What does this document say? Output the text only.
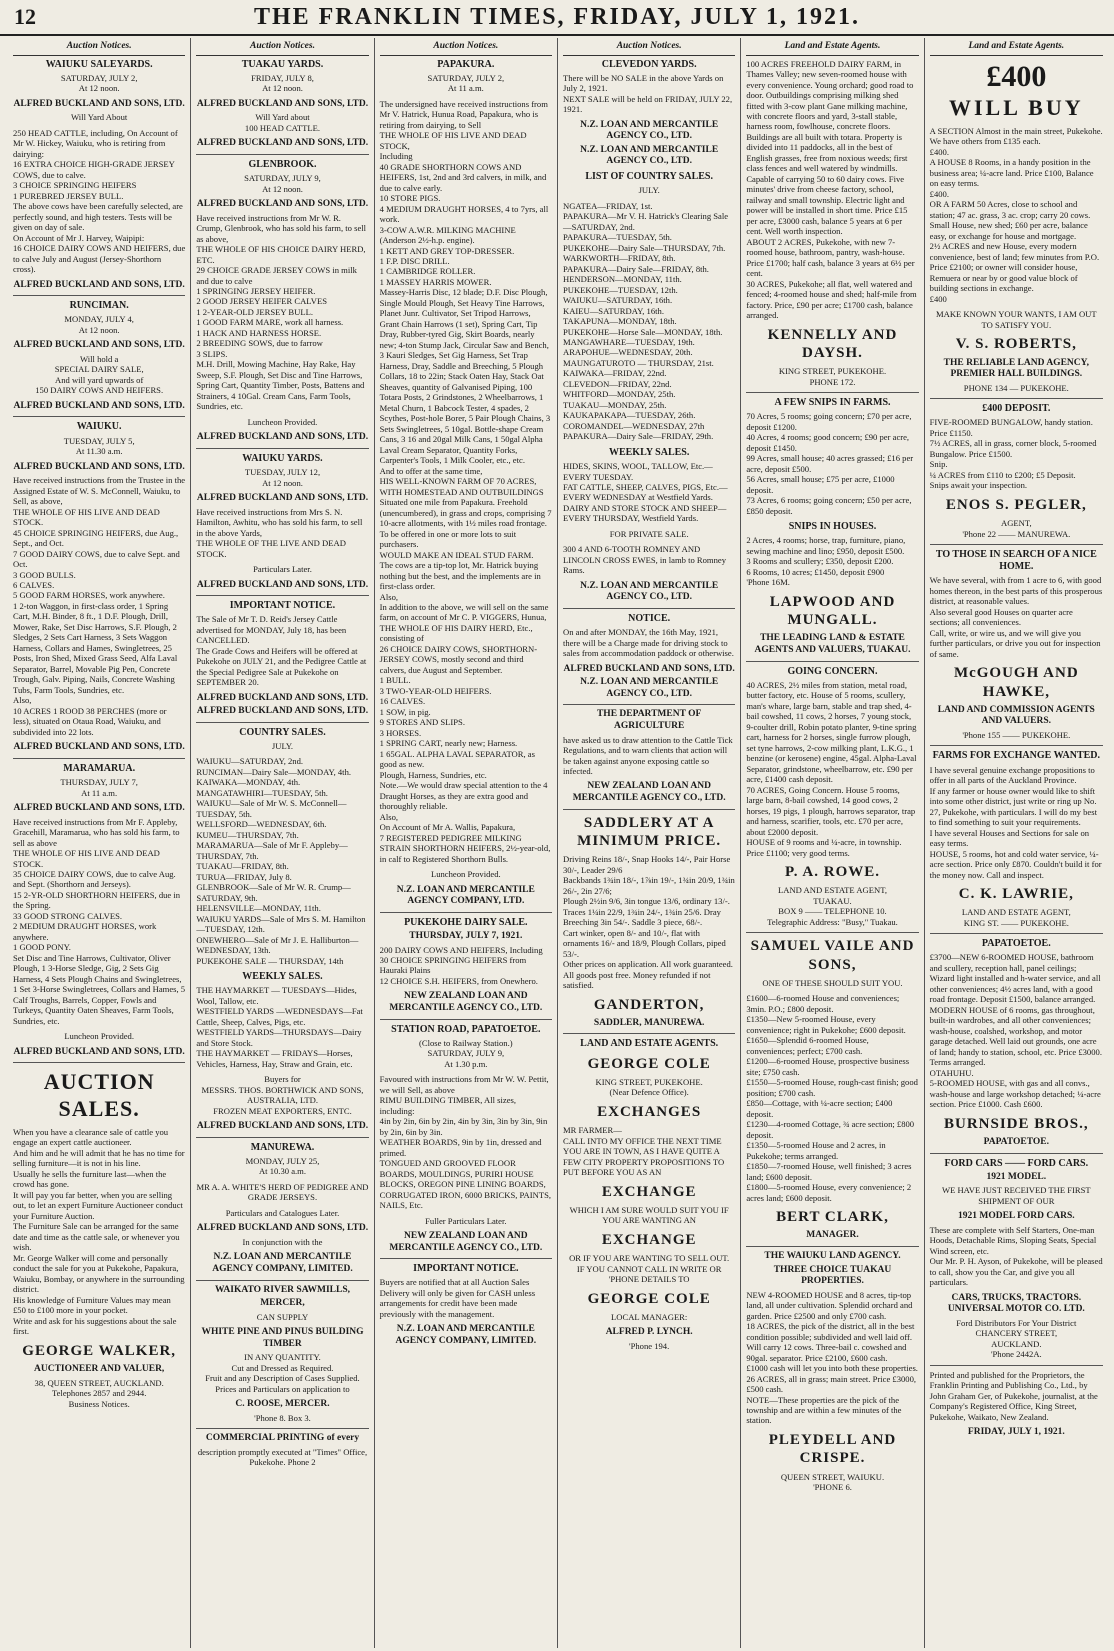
12	THE FRANKLIN TIMES, FRIDAY, JULY 1, 1921.
Auction Notices.
WAIUKU SALEYARDS.
SATURDAY, JULY 2,
At 12 noon.
ALFRED BUCKLAND AND SONS, LTD.
Will Yard About
250 HEAD CATTLE, including, On Account of Mr W. Hickey, Waiuku, who is retiring from dairying:
16 EXTRA CHOICE HIGH-GRADE JERSEY COWS, due to calve.
3 CHOICE SPRINGING HEIFERS
1 PUREBRED JERSEY BULL.
The above cows have been carefully selected, are perfectly sound, and high testers. Tests will be given on day of sale.
On Account of Mr J. Harvey, Waipipi:
16 CHOICE DAIRY COWS AND HEIFERS, due to calve July and August (Jersey-Shorthorn cross).
ALFRED BUCKLAND AND SONS, LTD.
RUNCIMAN.
MONDAY, JULY 4,
At 12 noon.
ALFRED BUCKLAND AND SONS, LTD.
Will hold a
SPECIAL DAIRY SALE,
And will yard upwards of
150 DAIRY COWS AND HEIFERS.
ALFRED BUCKLAND AND SONS, LTD.
WAIUKU.
TUESDAY, JULY 5,
At 11.30 a.m.
ALFRED BUCKLAND AND SONS, LTD.
Have received instructions from the Trustee in the Assigned Estate of W. S. McConnell, Waiuku, to Sell, as above,
THE WHOLE OF HIS LIVE AND DEAD STOCK.
45 CHOICE SPRINGING HEIFERS, due Aug., Sept., and Oct.
7 GOOD DAIRY COWS, due to calve Sept. and Oct.
3 GOOD BULLS.
6 CALVES.
5 GOOD FARM HORSES, work anywhere.
1 2-ton Waggon, in first-class order, 1 Spring Cart, M.H. Binder, 8 ft., 1 D.F. Plough, Drill, Mower, Rake, Set Disc Harrows, S.F. Plough, 2 Sledges, 2 Sets Cart Harness, 3 Sets Waggon Harness, Collars and Hames, Swingletrees, 25 Posts, Iron Shed, Mixed Grass Seed, Alfa Laval Separator, Barrel, Movable Pig Pen, Concrete Trough, Galv. Piping, Nails, Concrete Washing Tubs, Farm Tools, Sundries, etc.
Also,
10 ACRES 1 ROOD 38 PERCHES (more or less), situated on Otaua Road, Waiuku, and subdivided into 22 lots.
ALFRED BUCKLAND AND SONS, LTD.
MARAMARUA.
THURSDAY, JULY 7,
At 11 a.m.
ALFRED BUCKLAND AND SONS, LTD.
Have received instructions from Mr F. Appleby, Gracehill, Maramarua, who has sold his farm, to sell as above
THE WHOLE OF HIS LIVE AND DEAD STOCK.
35 CHOICE DAIRY COWS, due to calve Aug. and Sept. (Shorthorn and Jerseys).
15 2-YR-OLD SHORTHORN HEIFERS, due in the Spring.
33 GOOD STRONG CALVES.
2 MEDIUM DRAUGHT HORSES, work anywhere.
1 GOOD PONY.
Set Disc and Tine Harrows, Cultivator, Oliver Plough, 1 3-Horse Sledge, Gig, 2 Sets Gig Harness, 4 Sets Plough Chains and Swingletrees, 1 Set 3-Horse Swingletrees, Collars and Hames, 5 Calf Troughs, Barrels, Copper, Fowls and Turkeys, Quantity Oaten Sheaves, Farm Tools, Sundries, etc.
Luncheon Provided.
ALFRED BUCKLAND AND SONS, LTD.
AUCTION SALES.
When you have a clearance sale of cattle you engage an expert cattle auctioneer.
And him and he will admit that he has no time for selling furniture—it is not in his line.
Usually he sells the furniture last—when the crowd has gone.
It will pay you far better, when you are selling out, to let an expert Furniture Auctioneer conduct your Furniture Auction.
The Furniture Sale can be arranged for the same date and time as the cattle sale, or whenever you wish.
Mr. George Walker will come and personally conduct the sale for you at Pukekohe, Papakura, Waiuku, Bombay, or anywhere in the surrounding district.
His knowledge of Furniture Values may mean £50 to £100 more in your pocket.
Write and ask for his suggestions about the sale first.
GEORGE WALKER,
AUCTIONEER AND VALUER,
38, QUEEN STREET, AUCKLAND.
Telephones 2857 and 2944.
Business Notices.
Auction Notices.
TUAKAU YARDS.
FRIDAY, JULY 8,
At 12 noon.
ALFRED BUCKLAND AND SONS, LTD.
Will Yard about
100 HEAD CATTLE.
ALFRED BUCKLAND AND SONS, LTD.
GLENBROOK.
SATURDAY, JULY 9,
At 12 noon.
ALFRED BUCKLAND AND SONS, LTD.
Have received instructions from Mr W. R. Crump, Glenbrook, who has sold his farm, to sell as above,
THE WHOLE OF HIS CHOICE DAIRY HERD, ETC.
29 CHOICE GRADE JERSEY COWS in milk and due to calve
1 SPRINGING JERSEY HEIFER.
2 GOOD JERSEY HEIFER CALVES
1 2-YEAR-OLD JERSEY BULL.
1 GOOD FARM MARE, work all harness.
1 HACK AND HARNESS HORSE.
2 BREEDING SOWS, due to farrow
3 SLIPS.
M.H. Drill, Mowing Machine, Hay Rake, Hay Sweep, S.F. Plough, Set Disc and Tine Harrows, Spring Cart, Quantity Timber, Posts, Battens and Strainers, 4 10Gal. Cream Cans, Farm Tools, Sundries, etc.
Luncheon Provided.
ALFRED BUCKLAND AND SONS, LTD.
WAIUKU YARDS.
TUESDAY, JULY 12,
At 12 noon.
ALFRED BUCKLAND AND SONS, LTD.
Have received instructions from Mrs S. N. Hamilton, Awhitu, who has sold his farm, to sell in the above Yards,
THE WHOLE OF THE LIVE AND DEAD STOCK.
Particulars Later.
ALFRED BUCKLAND AND SONS, LTD.
IMPORTANT NOTICE.
The Sale of Mr T. D. Reid's Jersey Cattle advertised for MONDAY, July 18, has been CANCELLED.
The Grade Cows and Heifers will be offered at Pukekohe on JULY 21, and the Pedigree Cattle at the Special Pedigree Sale at Pukekohe on SEPTEMBER 20.
ALFRED BUCKLAND AND SONS, LTD.
ALFRED BUCKLAND AND SONS, LTD.
COUNTRY SALES.
JULY.
WAIUKU—SATURDAY, 2nd.
RUNCIMAN—Dairy Sale—MONDAY, 4th.
KAIWAKA—MONDAY, 4th.
MANGATAWHIRI—TUESDAY, 5th.
WAIUKU—Sale of Mr W. S. McConnell—TUESDAY, 5th.
WELLSFORD—WEDNESDAY, 6th.
KUMEU—THURSDAY, 7th.
MARAMARUA—Sale of Mr F. Appleby—THURSDAY, 7th.
TUAKAU—FRIDAY, 8th.
TURUA—FRIDAY, July 8.
GLENBROOK—Sale of Mr W. R. Crump—SATURDAY, 9th.
HELENSVILLE—MONDAY, 11th.
WAIUKU YARDS—Sale of Mrs S. M. Hamilton—TUESDAY, 12th.
ONEWHERO—Sale of Mr J. E. Halliburton—WEDNESDAY, 13th.
PUKEKOHE SALE — THURSDAY, 14th
WEEKLY SALES.
THE HAYMARKET — TUESDAYS—Hides, Wool, Tallow, etc.
WESTFIELD YARDS —WEDNESDAYS—Fat Cattle, Sheep, Calves, Pigs, etc.
WESTFIELD YARDS—THURSDAYS—Dairy and Store Stock.
THE HAYMARKET — FRIDAYS—Horses, Vehicles, Harness, Hay, Straw and Grain, etc.
Buyers for
MESSRS. THOS. BORTHWICK AND SONS, AUSTRALIA, LTD.
FROZEN MEAT EXPORTERS, ENTC.
ALFRED BUCKLAND AND SONS, LTD.
MANUREWA.
MONDAY, JULY 25,
At 10.30 a.m.
MR A. A. WHITE'S HERD OF PEDIGREE AND GRADE JERSEYS.
Particulars and Catalogues Later.
ALFRED BUCKLAND AND SONS, LTD.
In conjunction with the
N.Z. LOAN AND MERCANTILE AGENCY COMPANY, LIMITED.
WAIKATO RIVER SAWMILLS,
MERCER,
CAN SUPPLY
WHITE PINE AND PINUS BUILDING TIMBER
IN ANY QUANTITY.
Cut and Dressed as Required.
Fruit and any Description of Cases Supplied.
Prices and Particulars on application to
C. ROOSE, MERCER.
'Phone 8. Box 3.
COMMERCIAL PRINTING of every
description promptly executed at "Times" Office, Pukekohe. Phone 2
Auction Notices.
PAPAKURA.
SATURDAY, JULY 2,
At 11 a.m.
The undersigned have received instructions from Mr V. Hatrick, Hunua Road, Papakura, who is retiring from dairying, to Sell
THE WHOLE OF HIS LIVE AND DEAD STOCK,
Including
40 GRADE SHORTHORN COWS AND HEIFERS, 1st, 2nd and 3rd calvers, in milk, and due to calve early.
10 STORE PIGS.
4 MEDIUM DRAUGHT HORSES, 4 to 7yrs, all work.
3-COW A.W.R. MILKING MACHINE (Anderson 2½-h.p. engine).
1 KETT AND GREY TOP-DRESSER.
1 F.P. DISC DRILL.
1 CAMBRIDGE ROLLER.
1 MASSEY HARRIS MOWER.
Massey-Harris Disc, 12 blade; D.F. Disc Plough, Single Mould Plough, Set Heavy Tine Harrows, Planet Junr. Cultivator, Set Tripod Harrows, Grant Chain Harrows (1 set), Spring Cart, Tip Dray, Rubber-tyred Gig, Skirt Boards, nearly new; 4-ton Stump Jack, Circular Saw and Bench, 3 Kauri Sledges, Set Gig Harness, Set Trap Harness, Dray, Saddle and Breeching, 5 Plough Collars, 18 to 22in; Stack Oaten Hay, Stack Oat Sheaves, quantity of Galvanised Piping, 100 Totara Posts, 2 Grindstones, 2 Wheelbarrows, 1 Metal Churn, 1 Babcock Tester, 4 spades, 2 Scythes, Post-hole Borer, 5 Pair Plough Chains, 3 Sets Swingletrees, 5 10gal. Bottle-shape Cream Cans, 3 16 and 20gal Milk Cans, 1 50gal Alpha Laval Cream Separator, Quantity Forks, Carpenter's Tools, 1 Milk Cooler, etc., etc.
And to offer at the same time,
HIS WELL-KNOWN FARM OF 70 ACRES, WITH HOMESTEAD AND OUTBUILDINGS
Situated one mile from Papakura. Freehold (unencumbered), in grass and crops, comprising 7 10-acre allotments, with 1½ miles road frontage. To be offered in one or more lots to suit purchasers.
WOULD MAKE AN IDEAL STUD FARM.
The cows are a tip-top lot, Mr. Hatrick buying nothing but the best, and the implements are in first-class order.
Also,
In addition to the above, we will sell on the same farm, on account of Mr C. P. VIGGERS, Hunua,
THE WHOLE OF HIS DAIRY HERD, Etc., consisting of
26 CHOICE DAIRY COWS, SHORTHORN-JERSEY COWS, mostly second and third calvers, due August and September.
1 BULL.
3 TWO-YEAR-OLD HEIFERS.
16 CALVES.
1 SOW, in pig.
9 STORES AND SLIPS.
3 HORSES.
1 SPRING CART, nearly new; Harness.
1 65GAL. ALPHA LAVAL SEPARATOR, as good as new.
Plough, Harness, Sundries, etc.
Note.—We would draw special attention to the 4 Draught Horses, as they are extra good and thoroughly reliable.
Also,
On Account of Mr A. Wallis, Papakura,
7 REGISTERED PEDIGREE MILKING STRAIN SHORTHORN HEIFERS, 2½-year-old, in calf to Registered Shorthorn Bulls.
Luncheon Provided.
N.Z. LOAN AND MERCANTILE AGENCY COMPANY, LTD.
PUKEKOHE DAIRY SALE.
THURSDAY, JULY 7, 1921.
200 DAIRY COWS AND HEIFERS, Including
30 CHOICE SPRINGING HEIFERS from Hauraki Plains
12 CHOICE S.H. HEIFERS, from Onewhero.
NEW ZEALAND LOAN AND MERCANTILE AGENCY CO., LTD.
STATION ROAD, PAPATOETOE.
(Close to Railway Station.)
SATURDAY, JULY 9,
At 1.30 p.m.
Favoured with instructions from Mr W. W. Pettit, we will Sell, as above
RIMU BUILDING TIMBER, All sizes, including:
4in by 2in, 6in by 2in, 4in by 3in, 3in by 3in, 9in by 2in, 6in by 3in.
WEATHER BOARDS, 9in by 1in, dressed and primed.
TONGUED AND GROOVED FLOOR BOARDS, MOULDINGS, PURIRI HOUSE BLOCKS, OREGON PINE LINING BOARDS,
CORRUGATED IRON, 6000 BRICKS, PAINTS, NAILS, Etc.
Fuller Particulars Later.
NEW ZEALAND LOAN AND MERCANTILE AGENCY CO., LTD.
IMPORTANT NOTICE.
Buyers are notified that at all Auction Sales Delivery will only be given for CASH unless arrangements for credit have been made previously with the management.
N.Z. LOAN AND MERCANTILE AGENCY COMPANY, LIMITED.
Auction Notices.
CLEVEDON YARDS.
There will be NO SALE in the above Yards on July 2, 1921.
NEXT SALE will be held on FRIDAY, JULY 22, 1921.
N.Z. LOAN AND MERCANTILE AGENCY CO., LTD.
N.Z. LOAN AND MERCANTILE AGENCY CO., LTD.
LIST OF COUNTRY SALES.
JULY.
NGATEA—FRIDAY, 1st.
PAPAKURA—Mr V. H. Hatrick's Clearing Sale—SATURDAY, 2nd.
PAPAKURA—TUESDAY, 5th.
PUKEKOHE—Dairy Sale—THURSDAY, 7th.
WARKWORTH—FRIDAY, 8th.
PAPAKURA—Dairy Sale—FRIDAY, 8th.
HENDERSON—MONDAY, 11th.
PUKEKOHE—TUESDAY, 12th.
WAIUKU—SATURDAY, 16th.
KAIEU—SATURDAY, 16th.
TAKAPUNA—MONDAY, 18th.
PUKEKOHE—Horse Sale—MONDAY, 18th.
MANGAWHARE—TUESDAY, 19th.
ARAPOHUE—WEDNESDAY, 20th.
MAUNGATUROTO — THURSDAY, 21st.
KAIWAKA—FRIDAY, 22nd.
CLEVEDON—FRIDAY, 22nd.
WHITFORD—MONDAY, 25th.
TUAKAU—MONDAY, 25th.
KAUKAPAKAPA—TUESDAY, 26th.
COROMANDEL—WEDNESDAY, 27th
PAPAKURA—Dairy Sale—FRIDAY, 29th.
WEEKLY SALES.
HIDES, SKINS, WOOL, TALLOW, Etc.—EVERY TUESDAY.
FAT CATTLE, SHEEP, CALVES, PIGS, Etc.—EVERY WEDNESDAY at Westfield Yards.
DAIRY AND STORE STOCK AND SHEEP—EVERY THURSDAY, Westfield Yards.
FOR PRIVATE SALE.
300 4 AND 6-TOOTH ROMNEY AND LINCOLN CROSS EWES, in lamb to Romney Rams.
N.Z. LOAN AND MERCANTILE AGENCY CO., LTD.
NOTICE.
On and after MONDAY, the 16th May, 1921, there will be a Charge made for driving stock to sales from accommodation paddock or otherwise.
ALFRED BUCKLAND AND SONS, LTD.
N.Z. LOAN AND MERCANTILE AGENCY CO., LTD.
THE DEPARTMENT OF AGRICULTURE
have asked us to draw attention to the Cattle Tick Regulations, and to warn clients that action will be taken against anyone exposing cattle so infected.
NEW ZEALAND LOAN AND MERCANTILE AGENCY CO., LTD.
SADDLERY AT A MINIMUM PRICE.
Driving Reins 18/-, Snap Hooks 14/-, Pair Horse 30/-, Leader 29/6
Backbands 1¾in 18/-, 1⅞in 19/-, 1¾in 20/9, 1¾in 26/-, 2in 27/6;
Plough 2½in 9/6, 3in tongue 13/6, ordinary 13/-. Traces 1¼in 22/9, 1¾in 24/-, 1¾in 25/6. Dray Breeching 3in 54/-. Saddle 3 piece, 68/-.
Cart winker, open 8/- and 10/-, flat with ornaments 16/- and 18/9, Plough Collars, piped 53/-.
Other prices on application. All work guaranteed. All goods post free. Money refunded if not satisfied.
GANDERTON,
SADDLER, MANUREWA.
LAND AND ESTATE AGENTS.
GEORGE COLE
KING STREET, PUKEKOHE.
(Near Defence Office).
EXCHANGES
MR FARMER—
CALL INTO MY OFFICE THE NEXT TIME YOU ARE IN TOWN, AS I HAVE QUITE A FEW CITY PROPERTY PROPOSITIONS TO PUT BEFORE YOU AS AN
EXCHANGE
WHICH I AM SURE WOULD SUIT YOU IF YOU ARE WANTING AN
EXCHANGE
OR IF YOU ARE WANTING TO SELL OUT.
IF YOU CANNOT CALL IN WRITE OR 'PHONE DETAILS TO
GEORGE COLE
LOCAL MANAGER:
ALFRED P. LYNCH.
'Phone 194.
Land and Estate Agents.
100 ACRES FREEHOLD DAIRY FARM, in Thames Valley; new seven-roomed house with every convenience. Young orchard; good road to door. Outbuildings comprising milking shed fitted with 3-cow plant Gane milking machine, with concrete floors and yard, 3-stall stable, harness room, fowlhouse, concrete floors. Buildings are all built with totara. Property is divided into 11 paddocks, all in the best of English grasses, free from noxious weeds; first class fences and well watered by windmills. Capable of carrying 50 to 60 dairy cows. Five minutes' drive from cheese factory, school, railway and small township. Electric light and power will be installed in short time. Price £15 per acre, £3000 cash, balance 5 years at 6 per cent. Well worth inspection.
ABOUT 2 ACRES, Pukekohe, with new 7-roomed house, bathroom, pantry, wash-house. Price £1700; half cash, balance 3 years at 6½ per cent.
30 ACRES, Pukekohe; all flat, well watered and fenced; 4-roomed house and shed; half-mile from factory. Price, £90 per acre; £1700 cash, balance arranged.
KENNELLY AND DAYSH.
KING STREET, PUKEKOHE.
PHONE 172.
A FEW SNIPS IN FARMS.
70 Acres, 5 rooms; going concern; £70 per acre, deposit £1200.
40 Acres, 4 rooms; good concern; £90 per acre, deposit £1450.
99 Acres, small house; 40 acres grassed; £16 per acre, deposit £500.
56 Acres, small house; £75 per acre, £1000 deposit.
73 Acres, 6 rooms; going concern; £50 per acre, £850 deposit.
SNIPS IN HOUSES.
2 Acres, 4 rooms; horse, trap, furniture, piano, sewing machine and lino; £950, deposit £500.
3 Rooms and scullery; £350, deposit £200.
6 Rooms, 10 acres; £1450, deposit £900
'Phone 16M.
LAPWOOD AND MUNGALL.
THE LEADING LAND & ESTATE AGENTS AND VALUERS, TUAKAU.
GOING CONCERN.
40 ACRES, 2½ miles from station, metal road, butter factory, etc. House of 5 rooms, scullery, man's whare, large barn, stable and trap shed, 4-bail cowshed, 11 cows, 2 horses, 7 young stock, 9-coulter drill, Robin potato planter, 9-tine spring cart, harness for 2 horses, single furrow plough, set tyne harrows, 2-cow milking plant, L.K.G., 1 benzine (or kerosene) engine, 45gal. Alpha-Laval Separator, grindstone, wheelbarrow, etc. £90 per acre, £1400 cash deposit.
70 ACRES, Going Concern. House 5 rooms, large barn, 8-bail cowshed, 14 good cows, 2 horses, 19 pigs, 1 plough, harrows separator, trap and harness, scarifier, tools, etc. £70 per acre, about £2000 deposit.
HOUSE of 9 rooms and ¼-acre, in township. Price £1100; very good terms.
P. A. ROWE.
LAND AND ESTATE AGENT,
TUAKAU.
BOX 9 —— TELEPHONE 10.
Telegraphic Address: "Busy," Tuakau.
SAMUEL VAILE AND SONS,
ONE OF THESE SHOULD SUIT YOU.
£1600—6-roomed House and conveniences; 3min. P.O.; £800 deposit.
£1350—New 5-roomed House, every convenience; right in Pukekohe; £600 deposit.
£1650—Splendid 6-roomed House, conveniences; perfect; £700 cash.
£1200—6-roomed House, prospective business site; £750 cash.
£1550—5-roomed House, rough-cast finish; good position; £700 cash.
£850—Cottage, with ¼-acre section; £400 deposit.
£1230—4-roomed Cottage, ¾ acre section; £800 deposit.
£1350—5-roomed House and 2 acres, in Pukekohe; terms arranged.
£1850—7-roomed House, well finished; 3 acres land; £600 deposit.
£1800—5-roomed House, every convenience; 2 acres land; £600 deposit.
BERT CLARK,
MANAGER.
THE WAIUKU LAND AGENCY.
THREE CHOICE TUAKAU PROPERTIES.
NEW 4-ROOMED HOUSE and 8 acres, tip-top land, all under cultivation. Splendid orchard and garden. Price £2500 and only £700 cash.
18 ACRES, the pick of the district, all in the best condition possible; subdivided and well laid off. Will carry 12 cows. Three-bail c. cowshed and 90gal. separator. Price £2100, £600 cash.
£1000 cash will let you into both these properties.
26 ACRES, all in grass; main street. Price £3000, £500 cash.
NOTE—These properties are the pick of the township and are within a few minutes of the station.
PLEYDELL AND CRISPE.
QUEEN STREET, WAIUKU.
'PHONE 6.
Land and Estate Agents.
£400
WILL BUY
A SECTION Almost in the main street, Pukekohe. We have others from £135 each.
£400.
A HOUSE 8 Rooms, in a handy position in the business area; ¼-acre land. Price £100, Balance on easy terms.
£400.
OR A FARM 50 Acres, close to school and station; 47 ac. grass, 3 ac. crop; carry 20 cows. Small House, new shed; £60 per acre, balance easy, or exchange for house and mortgage.
2½ ACRES and new House, every modern convenience, best of land; few minutes from P.O. Price £2100; or owner will consider house, Remuera or near by or good value block of building sections in exchange.
£400
MAKE KNOWN YOUR WANTS, I AM OUT TO SATISFY YOU.
V. S. ROBERTS,
THE RELIABLE LAND AGENCY, PREMIER HALL BUILDINGS.
PHONE 134 — PUKEKOHE.
£400 DEPOSIT.
FIVE-ROOMED BUNGALOW, handy station. Price £1150.
7½ ACRES, all in grass, corner block, 5-roomed Bungalow. Price £1500.
Snip.
¼ ACRES from £110 to £200; £5 Deposit.
Snips await your inspection.
ENOS S. PEGLER,
AGENT,
'Phone 22 —— MANUREWA.
TO THOSE IN SEARCH OF A NICE HOME.
We have several, with from 1 acre to 6, with good homes thereon, in the best parts of this prosperous district, at reasonable values.
Also several good Houses on quarter acre sections; all conveniences.
Call, write, or wire us, and we will give you further particulars, or drive you out for inspection of same.
McGOUGH AND HAWKE,
LAND AND COMMISSION AGENTS AND VALUERS.
'Phone 155 —— PUKEKOHE.
FARMS FOR EXCHANGE WANTED.
I have several genuine exchange propositions to offer in all parts of the Auckland Province.
If any farmer or house owner would like to shift into some other district, just write or ring up No. 27, Pukekohe, with particulars. I will do my best to find something to suit your requirements.
I have several Houses and Sections for sale on easy terms.
HOUSE, 5 rooms, hot and cold water service, ¼-acre section. Price only £870. Couldn't build it for the money now. Call and inspect.
C. K. LAWRIE,
LAND AND ESTATE AGENT,
KING ST. —— PUKEKOHE.
PAPATOETOE.
£3700—NEW 6-ROOMED HOUSE, bathroom and scullery, reception hall, panel ceilings; Wizard light installed and h-water service, and all other conveniences; 4½ acres land, with a good road frontage. Deposit £1500, balance arranged.
MODERN HOUSE of 6 rooms, gas throughout, built-in wardrobes, and all other conveniences; wash-house, coalshed, workshop, and motor garage detached. Well laid out grounds, one acre of land; handy to station, school, etc. Price £3000. Terms arranged.
OTAHUHU.
5-ROOMED HOUSE, with gas and all convs., wash-house and large workshop detached; ¼-acre section. Price £1000. Cash £600.
BURNSIDE BROS.,
PAPATOETOE.
FORD CARS —— FORD CARS.
1921 MODEL.
WE HAVE JUST RECEIVED THE FIRST SHIPMENT OF OUR
1921 MODEL FORD CARS.
These are complete with Self Starters, One-man Hoods, Detachable Rims, Sloping Seats, Special Wind screen, etc.
Our Mr. P. H. Ayson, of Pukekohe, will be pleased to call, show you the Car, and give you all particulars.
CARS, TRUCKS, TRACTORS. UNIVERSAL MOTOR CO. LTD.
Ford Distributors For Your District
CHANCERY STREET,
AUCKLAND.
'Phone 2442A.
Printed and published for the Proprietors, the Franklin Printing and Publishing Co., Ltd., by John Graham Ger, of Pukekohe, journalist, at the Company's Registered Office, King Street, Pukekohe, Waikato, New Zealand.
FRIDAY, JULY 1, 1921.
